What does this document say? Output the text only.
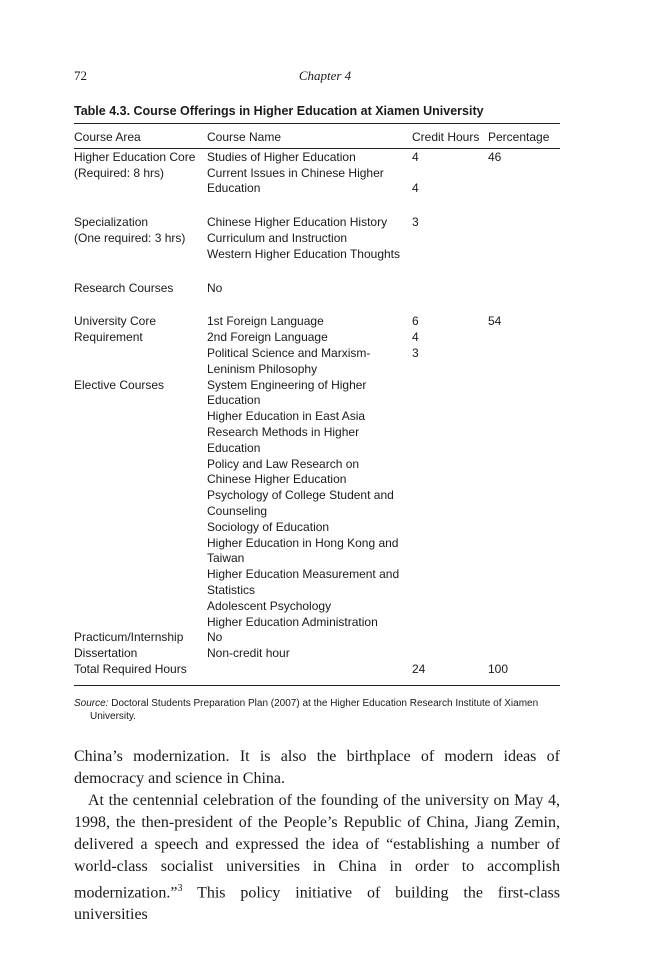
72	Chapter 4
Table 4.3. Course Offerings in Higher Education at Xiamen University
Course Area	Course Name	Credit Hours	Percentage
Higher Education Core	Studies of Higher Education	4	46
(Required: 8 hrs)	Current Issues in Chinese Higher		
	Education	4	

Specialization	Chinese Higher Education History	3	
(One required: 3 hrs)	Curriculum and Instruction		
	Western Higher Education Thoughts		

Research Courses	No		

University Core	1st Foreign Language	6	54
Requirement	2nd Foreign Language	4	
	Political Science and Marxism-	3	
	Leninism Philosophy		
Elective Courses	System Engineering of Higher		
	Education		
	Higher Education in East Asia		
	Research Methods in Higher		
	Education		
	Policy and Law Research on		
	Chinese Higher Education		
	Psychology of College Student and		
	Counseling		
	Sociology of Education		
	Higher Education in Hong Kong and		
	Taiwan		
	Higher Education Measurement and		
	Statistics		
	Adolescent Psychology		
	Higher Education Administration		
Practicum/Internship	No		
Dissertation	Non-credit hour		
Total Required Hours		24	100
Source: Doctoral Students Preparation Plan (2007) at the Higher Education Research Institute of Xiamen University.

China’s modernization. It is also the birthplace of modern ideas of democracy and science in China.

At the centennial celebration of the founding of the university on May 4, 1998, the then-president of the People’s Republic of China, Jiang Zemin, delivered a speech and expressed the idea of “establishing a number of world-class socialist universities in China in order to accomplish modernization.”$^3$ This policy initiative of building the first-class universities
